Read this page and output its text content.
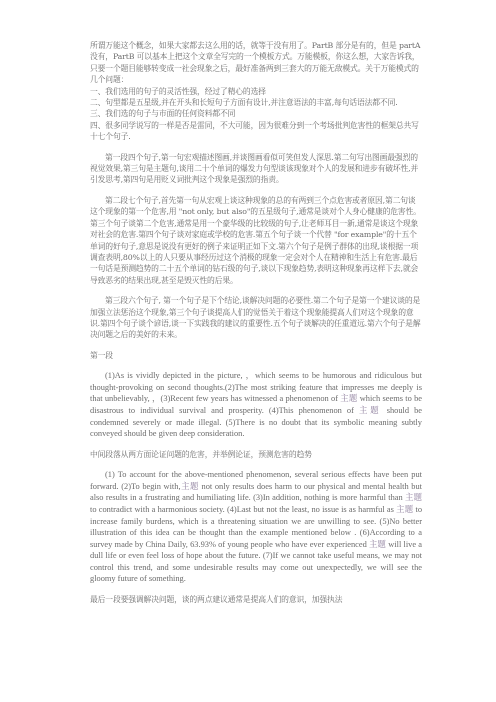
所谓万能这个概念，如果大家都去这么用的话，就等于没有用了。PartB 部分是有的，但是 partA 没有，PartB 可以基本上把这个文章全写完的一个模板方式。万能模板，你这么想，大家告诉我，只要一个题目能够转变成一社会现象之后，最好准备两到三套大的万能无敌模式。关于万能模式的几个问题：

一、我们选用的句子的灵活性强，经过了精心的选择
二、句型都是五星级,并在开头和长短句子方面有设计,并注意语法的丰富,每句话语法都不同.
三、我们选的句子与市面的任何资料都不同

四、很多同学说写的一样是否是雷同，不大可能，因为很难分到一个考场批判危害性的框架总共写十七个句子.

第一段四个句子,第一句宏观描述图画,并谈图画看似可笑但发人深思.第二句写出图画最强烈的视觉效果,第三句是主题句,谈用二十个单词的爆发力句型谈该现象对个人的发展和进步有破坏性,并引发思考,第四句是用贬义词批判这个现象是强烈的指责。

第二段七个句子,首先第一句从宏观上谈这种现象的总的有两到三个点危害或者原因,第二句谈这个现象的第一个危害,用 "not only, but also"的五星级句子,通常是谈对个人身心健康的危害性。第三个句子谈第二个危害,通常是用一个豪华级的比较级的句子,让老师耳目一新,通常是谈这个现象对社会的危害.第四个句子谈对家庭或学校的危害.第五个句子谈一个代替 "for example"的十五个单词的好句子,意思是说没有更好的例子来证明正如下文.第六个句子是例子群体的出现,谈根据一项调查表明,80%以上的人只要从事经历过这个消极的现象一定会对个人在精神和生活上有危害.最后一句话是预测趋势的二十五个单词的钻石级的句子,谈以下现象趋势,表明这种现象再这样下去,就会导致恶劣的结果出现,甚至是毁灭性的后果。

第三段六个句子, 第一个句子是下个结论,谈解决问题的必要性.第二个句子是第一个建议谈的是加强立法惩治这个现象,第三个句子谈提高人们的觉悟关于着这个现象能提高人们对这个现象的意识.第四个句子谈个谚语,谈一下实践我的建议的重要性.五个句子谈解决的任重道远.第六个句子是解决问题之后的美好的未来。

第一段

(1)As is vividly depicted in the picture, ，which seems to be humorous and ridiculous but thought-provoking on second thoughts.(2)The most striking feature that impresses me deeply is that unbelievably, ，(3)Recent few years has witnessed a phenomenon of 主题 which seems to be disastrous to individual survival and prosperity. (4)This phenomenon of 主题 should be condemned severely or made illegal. (5)There is no doubt that its symbolic meaning subtly conveyed should be given deep consideration.

中间段落从两方面论证问题的危害，并举例论证，预测危害的趋势

(1) To account for the above-mentioned phenomenon, several serious effects have been put forward. (2)To begin with,主题 not only results does harm to our physical and mental health but also results in a frustrating and humiliating life. (3)In addition, nothing is more harmful than 主题 to contradict with a harmonious society. (4)Last but not the least, no issue is as harmful as 主题 to increase family burdens, which is a threatening situation we are unwilling to see. (5)No better illustration of this idea can be thought than the example mentioned below . (6)According to a survey made by China Daily, 63.93% of young people who have ever experienced 主题 will live a dull life or even feel loss of hope about the future. (7)If we cannot take useful means, we may not control this trend, and some undesirable results may come out unexpectedly, we will see the gloomy future of something.

最后一段要强调解决问题，谈的两点建议通常是提高人们的意识，加强执法
